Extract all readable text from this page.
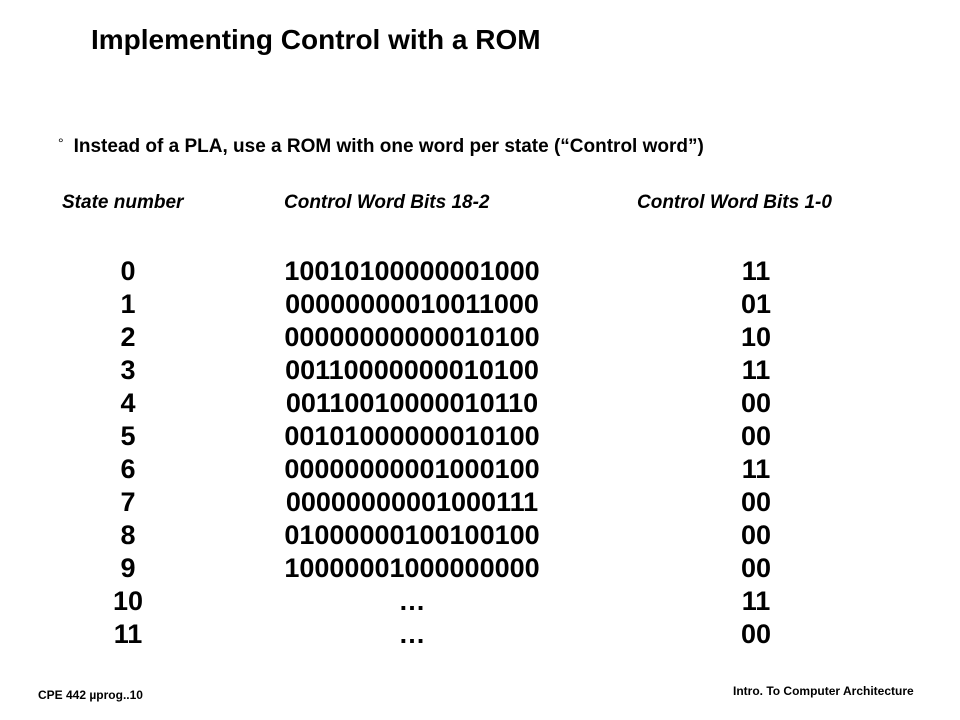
Implementing Control with a ROM
° Instead of a PLA, use a ROM with one word per state (“Control word”)
State number	Control Word Bits 18-2	Control Word Bits 1-0
0	10010100000001000	11
1	00000000010011000	01
2	00000000000010100	10
3	00110000000010100	11
4	00110010000010110	00
5	00101000000010100	00
6	00000000001000100	11
7	00000000001000111	00
8	01000000100100100	00
9	10000001000000000	00
10	…	11
11	…	00
CPE 442 µprog..10	Intro. To Computer Architecture
